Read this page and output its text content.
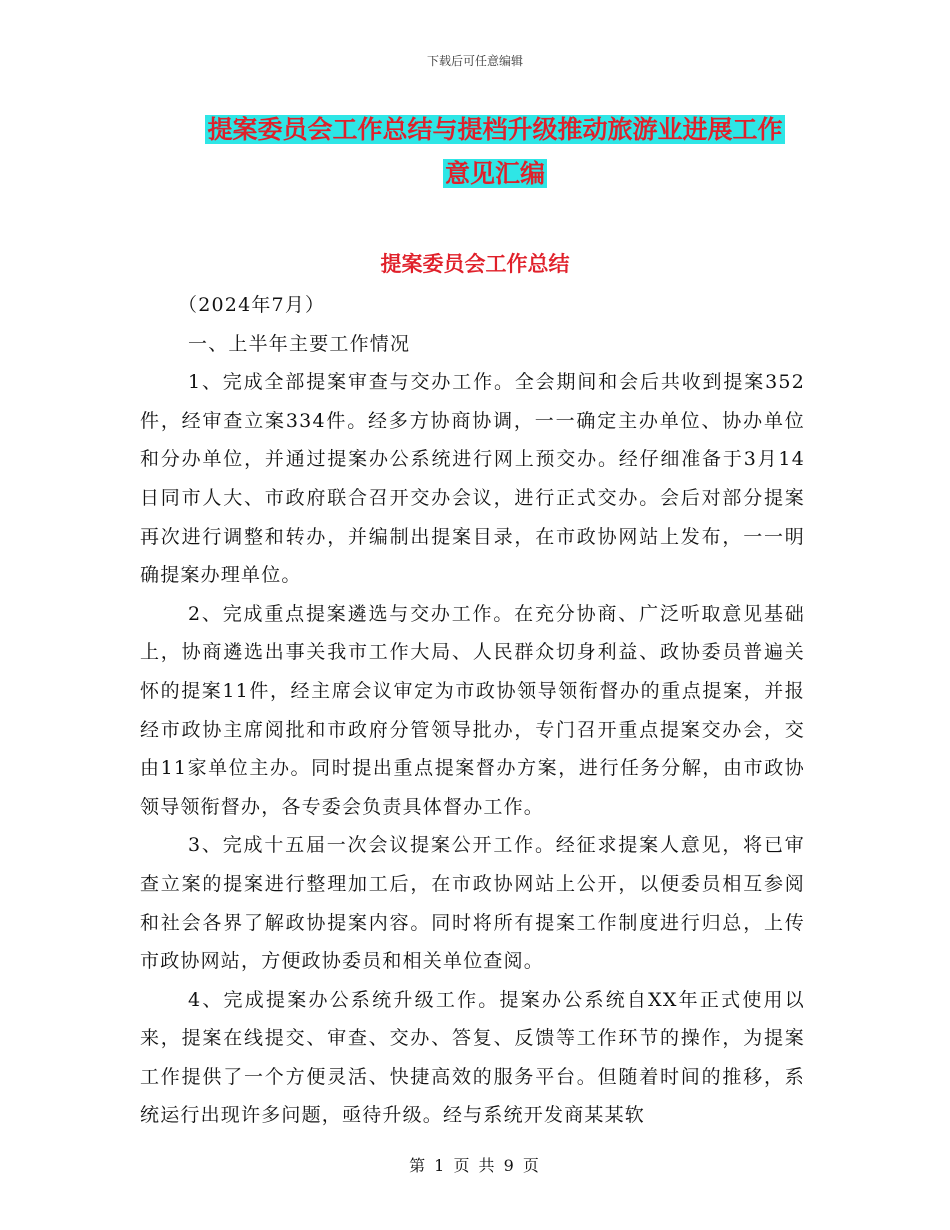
下载后可任意编辑
提案委员会工作总结与提档升级推动旅游业进展工作
意见汇编
提案委员会工作总结

（2024年7月）

一、上半年主要工作情况

1、完成全部提案审查与交办工作。全会期间和会后共收到提案352件，经审查立案334件。经多方协商协调，一一确定主办单位、协办单位和分办单位，并通过提案办公系统进行网上预交办。经仔细准备于3月14日同市人大、市政府联合召开交办会议，进行正式交办。会后对部分提案再次进行调整和转办，并编制出提案目录，在市政协网站上发布，一一明确提案办理单位。

2、完成重点提案遴选与交办工作。在充分协商、广泛听取意见基础上，协商遴选出事关我市工作大局、人民群众切身利益、政协委员普遍关怀的提案11件，经主席会议审定为市政协领导领衔督办的重点提案，并报经市政协主席阅批和市政府分管领导批办，专门召开重点提案交办会，交由11家单位主办。同时提出重点提案督办方案，进行任务分解，由市政协领导领衔督办，各专委会负责具体督办工作。

3、完成十五届一次会议提案公开工作。经征求提案人意见，将已审查立案的提案进行整理加工后，在市政协网站上公开，以便委员相互参阅和社会各界了解政协提案内容。同时将所有提案工作制度进行归总，上传市政协网站，方便政协委员和相关单位查阅。

4、完成提案办公系统升级工作。提案办公系统自XX年正式使用以来，提案在线提交、审查、交办、答复、反馈等工作环节的操作，为提案工作提供了一个方便灵活、快捷高效的服务平台。但随着时间的推移，系统运行出现许多问题，亟待升级。经与系统开发商某某软

第 1 页 共 9 页
